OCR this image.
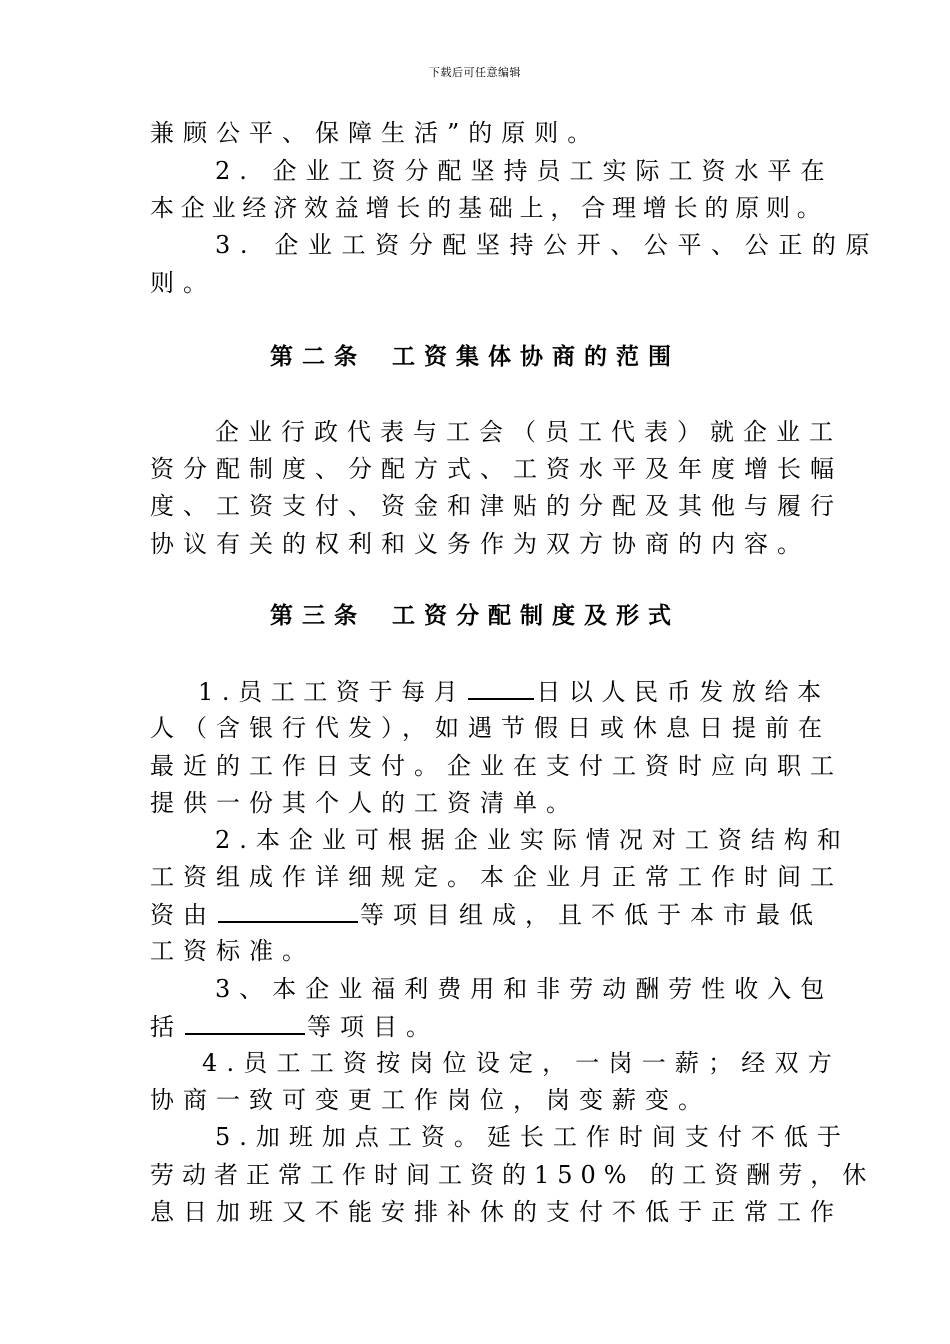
下载后可任意编辑
兼顾公平、保障生活”的原则。
2. 企业工资分配坚持员工实际工资水平在
本企业经济效益增长的基础上，合理增长的原则。
3. 企业工资分配坚持公开、公平、公正的原
则。
第二条 工资集体协商的范围
企业行政代表与工会（员工代表）就企业工
资分配制度、分配方式、工资水平及年度增长幅
度、工资支付、资金和津贴的分配及其他与履行
协议有关的权利和义务作为双方协商的内容。
第三条 工资分配制度及形式
1.员工工资于每月	日以人民币发放给本
人（含银行代发），如遇节假日或休息日提前在
最近的工作日支付。企业在支付工资时应向职工
提供一份其个人的工资清单。
2.本企业可根据企业实际情况对工资结构和
工资组成作详细规定。本企业月正常工作时间工
资由	等项目组成，且不低于本市最低
工资标准。
3、本企业福利费用和非劳动酬劳性收入包
括	等项目。
4.员工工资按岗位设定，一岗一薪；经双方
协商一致可变更工作岗位，岗变薪变。
5.加班加点工资。延长工作时间支付不低于
劳动者正常工作时间工资的150% 的工资酬劳，休
息日加班又不能安排补休的支付不低于正常工作
